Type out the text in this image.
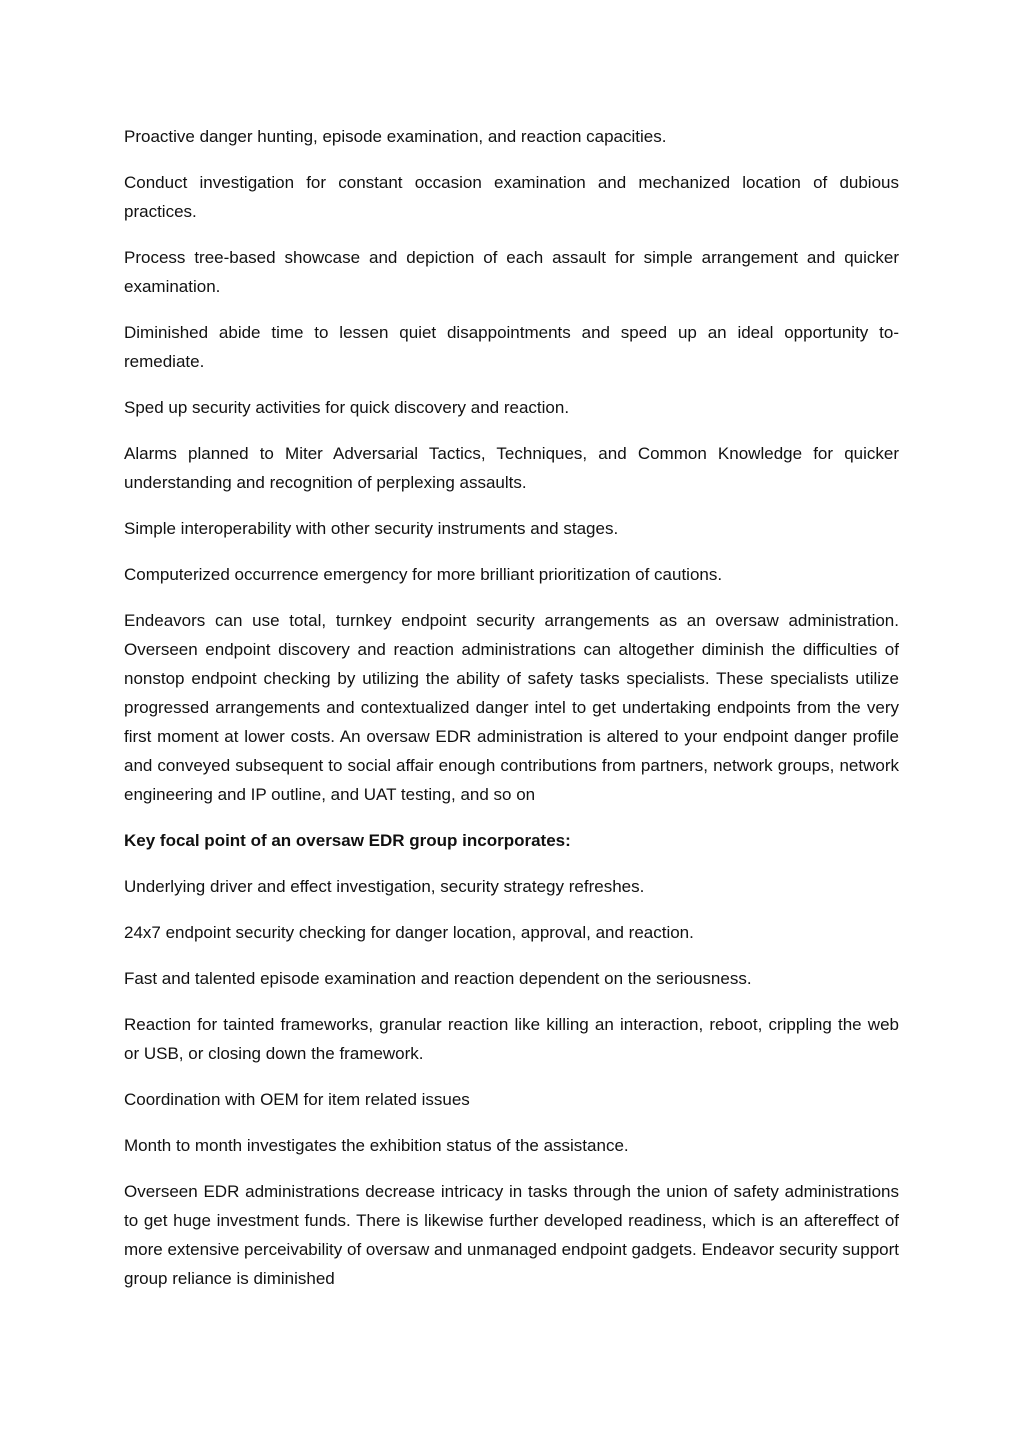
Proactive danger hunting, episode examination, and reaction capacities.

Conduct investigation for constant occasion examination and mechanized location of dubious practices.

Process tree-based showcase and depiction of each assault for simple arrangement and quicker examination.

Diminished abide time to lessen quiet disappointments and speed up an ideal opportunity to-remediate.

Sped up security activities for quick discovery and reaction.

Alarms planned to Miter Adversarial Tactics, Techniques, and Common Knowledge for quicker understanding and recognition of perplexing assaults.

Simple interoperability with other security instruments and stages.

Computerized occurrence emergency for more brilliant prioritization of cautions.

Endeavors can use total, turnkey endpoint security arrangements as an oversaw administration. Overseen endpoint discovery and reaction administrations can altogether diminish the difficulties of nonstop endpoint checking by utilizing the ability of safety tasks specialists. These specialists utilize progressed arrangements and contextualized danger intel to get undertaking endpoints from the very first moment at lower costs. An oversaw EDR administration is altered to your endpoint danger profile and conveyed subsequent to social affair enough contributions from partners, network groups, network engineering and IP outline, and UAT testing, and so on

Key focal point of an oversaw EDR group incorporates:

Underlying driver and effect investigation, security strategy refreshes.

24x7 endpoint security checking for danger location, approval, and reaction.

Fast and talented episode examination and reaction dependent on the seriousness.

Reaction for tainted frameworks, granular reaction like killing an interaction, reboot, crippling the web or USB, or closing down the framework.

Coordination with OEM for item related issues

Month to month investigates the exhibition status of the assistance.

Overseen EDR administrations decrease intricacy in tasks through the union of safety administrations to get huge investment funds. There is likewise further developed readiness, which is an aftereffect of more extensive perceivability of oversaw and unmanaged endpoint gadgets. Endeavor security support group reliance is diminished
